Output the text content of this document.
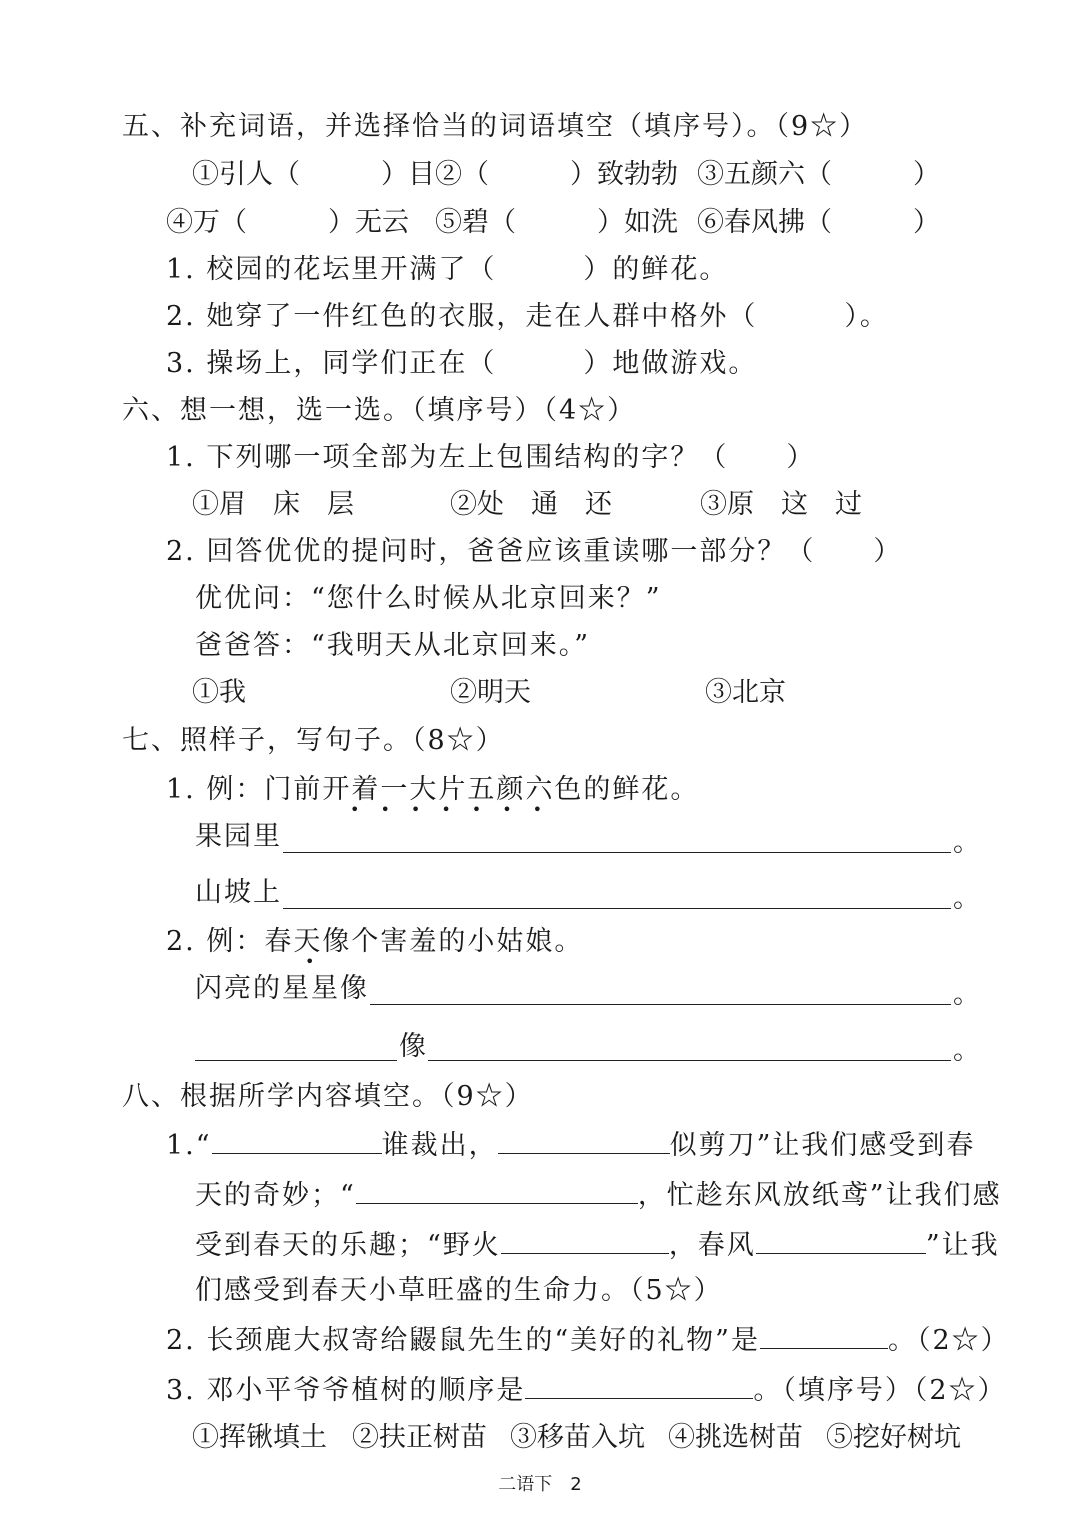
五、补充词语，并选择恰当的词语填空（填序号）。（9☆）
①引人（　　　）目 ②（　　　）致勃勃 ③五颜六（　　　）
④万（　　　）无云 ⑤碧（　　　）如洗 ⑥春风拂（　　　）
1. 校园的花坛里开满了（　　　）的鲜花。
2. 她穿了一件红色的衣服，走在人群中格外（　　　）。
3. 操场上，同学们正在（　　　）地做游戏。
六、想一想，选一选。（填序号）（4☆）
1. 下列哪一项全部为左上包围结构的字？（　　）
①眉　床　层	②处　通　还	③原　这　过
2. 回答优优的提问时，爸爸应该重读哪一部分？（　　）
优优问：“您什么时候从北京回来？”
爸爸答：“我明天从北京回来。”
①我	②明天	③北京
七、照样子，写句子。（8☆）
1. 例：门前开着一大片五颜六色的鲜花。
•••••••
果园里	。
山坡上	。
2. 例：春天像个害羞的小姑娘。
•
闪亮的星星像	。
像	。
八、根据所学内容填空。（9☆）
1.“	谁裁出，	似剪刀”让我们感受到春
天的奇妙；“	，忙趁东风放纸鸢”让我们感
受到春天的乐趣；“野火	，春风	”让我
们感受到春天小草旺盛的生命力。（5☆）
2. 长颈鹿大叔寄给鼹鼠先生的“美好的礼物”是	。（2☆）
3. 邓小平爷爷植树的顺序是	。（填序号）（2☆）
①挥锹填土 ②扶正树苗 ③移苗入坑 ④挑选树苗 ⑤挖好树坑
二语下　2
